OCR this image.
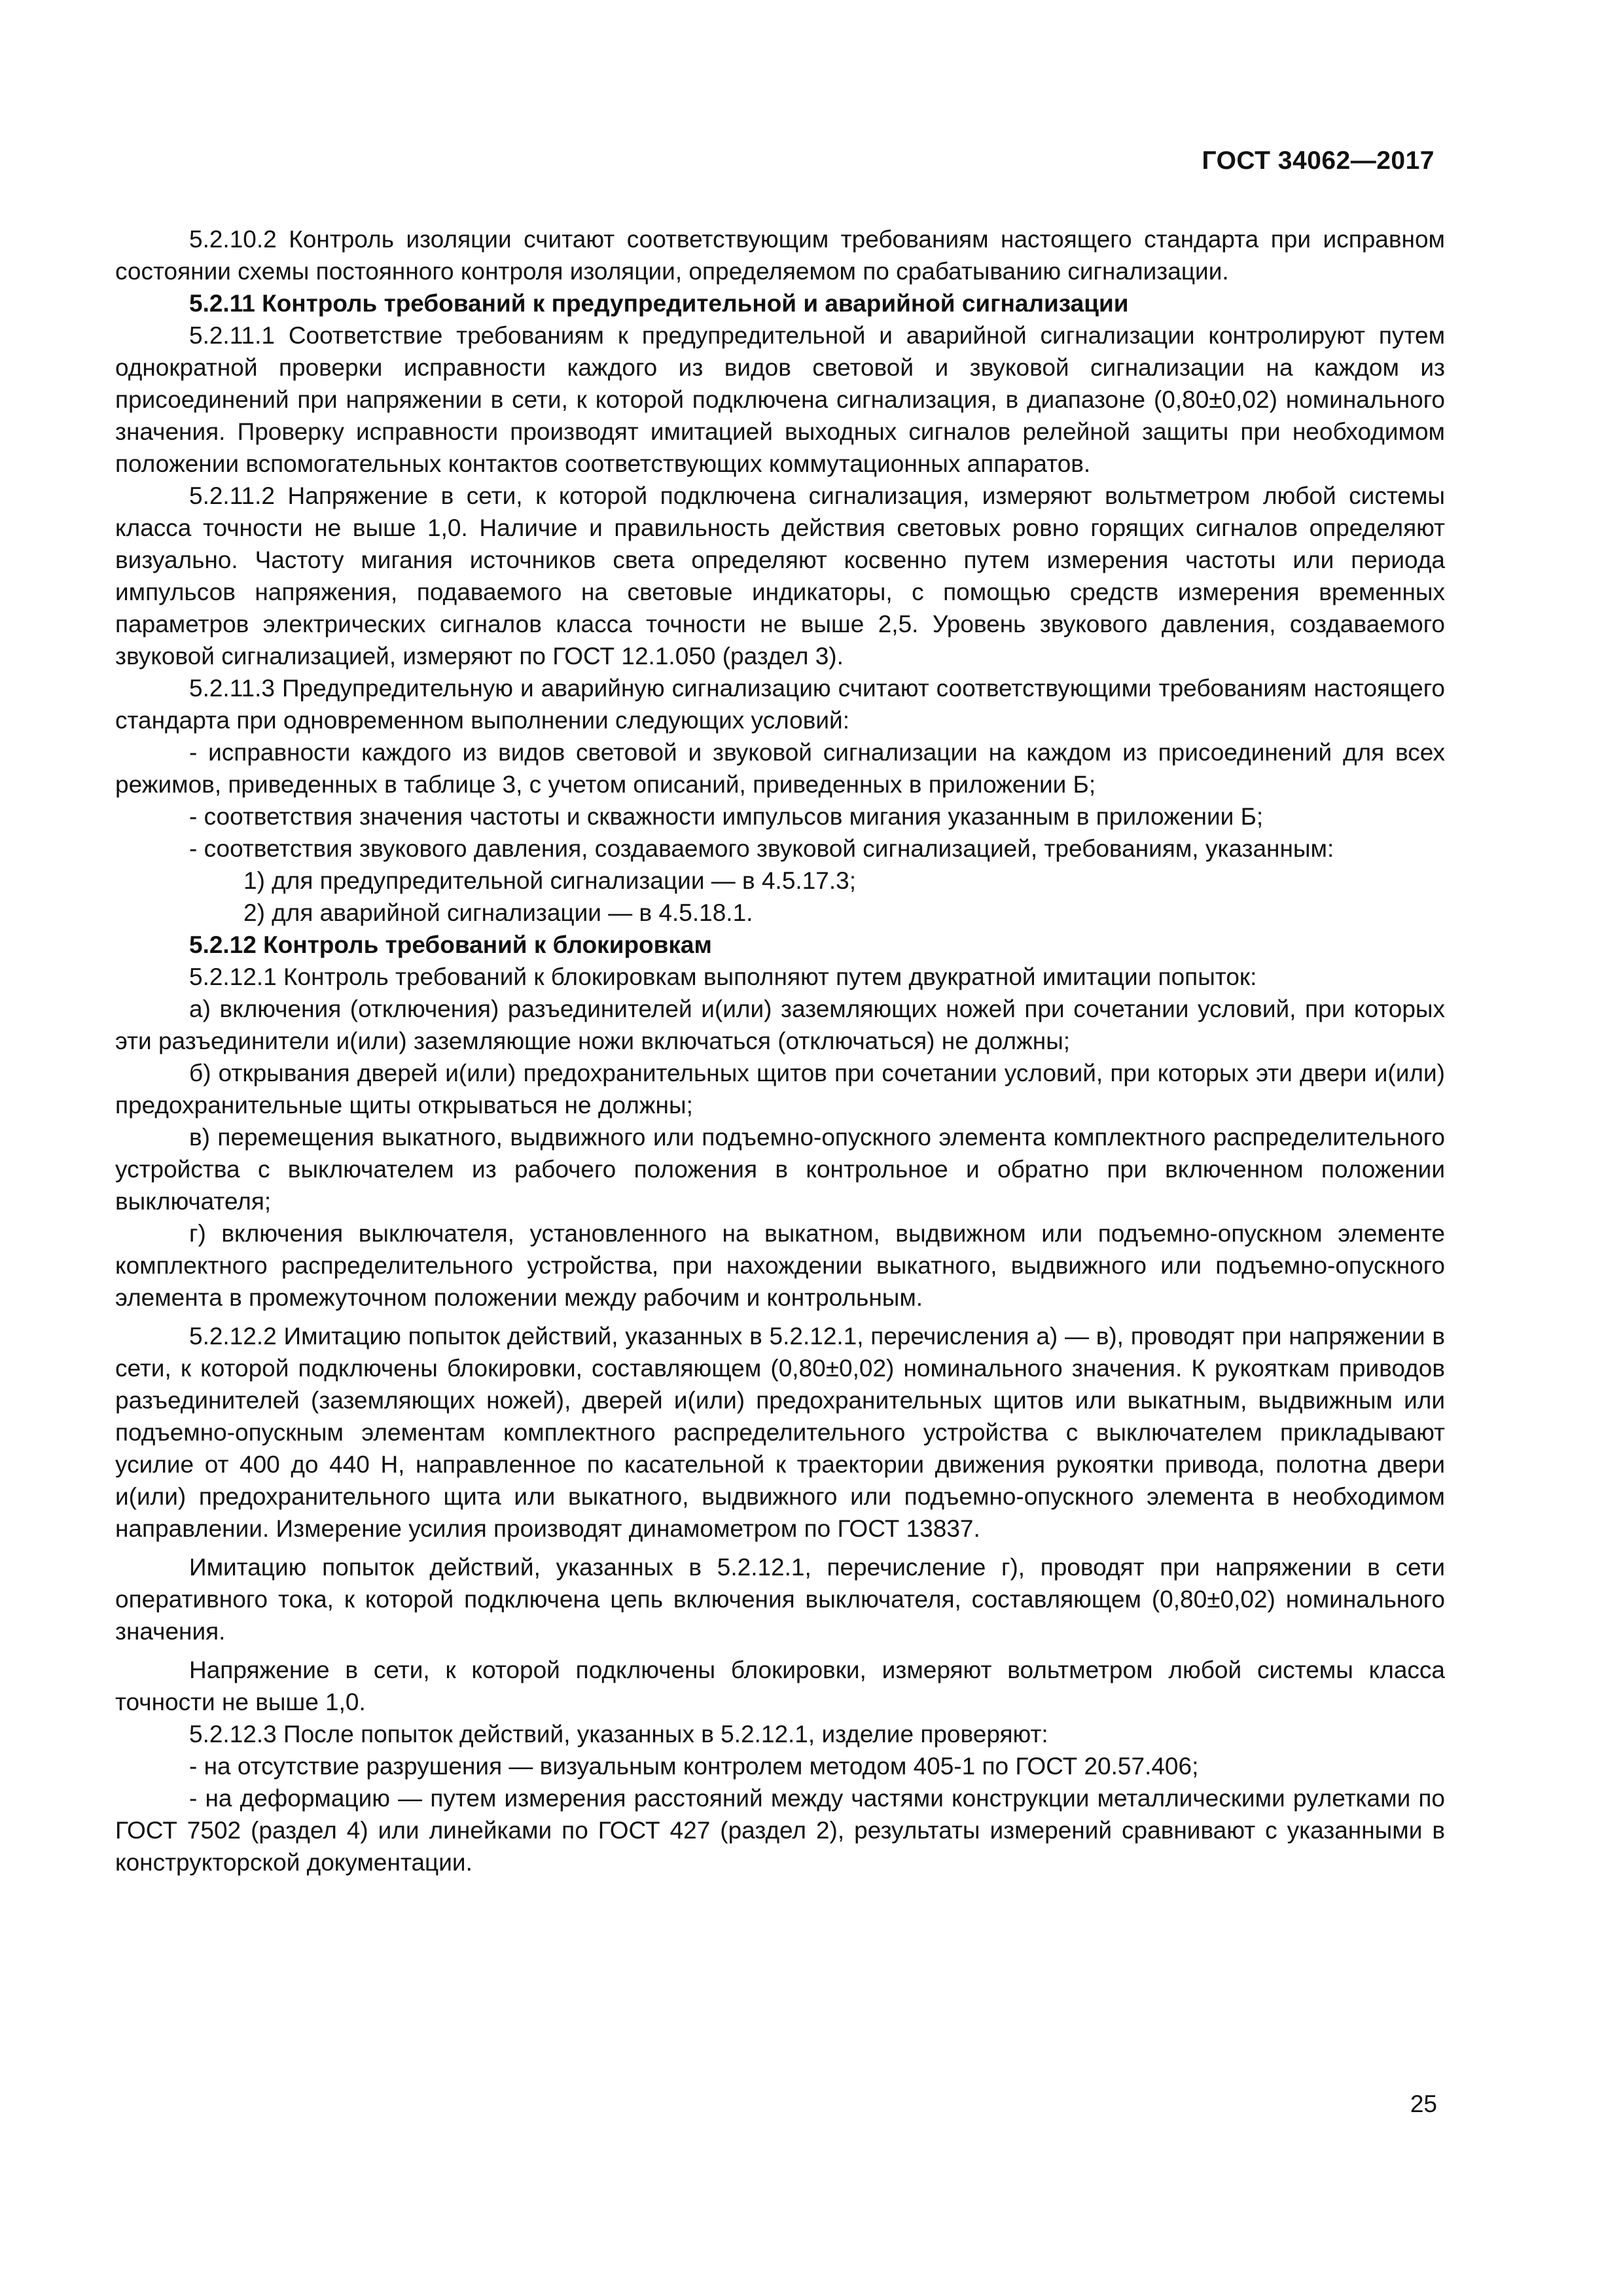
ГОСТ 34062—2017

5.2.10.2 Контроль изоляции считают соответствующим требованиям настоящего стандарта при исправном состоянии схемы постоянного контроля изоляции, определяемом по срабатыванию сигнализации.

5.2.11 Контроль требований к предупредительной и аварийной сигнализации

5.2.11.1 Соответствие требованиям к предупредительной и аварийной сигнализации контролируют путем однократной проверки исправности каждого из видов световой и звуковой сигнализации на каждом из присоединений при напряжении в сети, к которой подключена сигнализация, в диапазоне (0,80±0,02) номинального значения. Проверку исправности производят имитацией выходных сигналов релейной защиты при необходимом положении вспомогательных контактов соответствующих коммутационных аппаратов.

5.2.11.2 Напряжение в сети, к которой подключена сигнализация, измеряют вольтметром любой системы класса точности не выше 1,0. Наличие и правильность действия световых ровно горящих сигналов определяют визуально. Частоту мигания источников света определяют косвенно путем измерения частоты или периода импульсов напряжения, подаваемого на световые индикаторы, с помощью средств измерения временных параметров электрических сигналов класса точности не выше 2,5. Уровень звукового давления, создаваемого звуковой сигнализацией, измеряют по ГОСТ 12.1.050 (раздел 3).

5.2.11.3 Предупредительную и аварийную сигнализацию считают соответствующими требованиям настоящего стандарта при одновременном выполнении следующих условий:

- исправности каждого из видов световой и звуковой сигнализации на каждом из присоединений для всех режимов, приведенных в таблице 3, с учетом описаний, приведенных в приложении Б;

- соответствия значения частоты и скважности импульсов мигания указанным в приложении Б;

- соответствия звукового давления, создаваемого звуковой сигнализацией, требованиям, указанным:

1) для предупредительной сигнализации — в 4.5.17.3;

2) для аварийной сигнализации — в 4.5.18.1.

5.2.12 Контроль требований к блокировкам

5.2.12.1 Контроль требований к блокировкам выполняют путем двукратной имитации попыток:

а) включения (отключения) разъединителей и(или) заземляющих ножей при сочетании условий, при которых эти разъединители и(или) заземляющие ножи включаться (отключаться) не должны;

б) открывания дверей и(или) предохранительных щитов при сочетании условий, при которых эти двери и(или) предохранительные щиты открываться не должны;

в) перемещения выкатного, выдвижного или подъемно-опускного элемента комплектного распределительного устройства с выключателем из рабочего положения в контрольное и обратно при включенном положении выключателя;

г) включения выключателя, установленного на выкатном, выдвижном или подъемно-опускном элементе комплектного распределительного устройства, при нахождении выкатного, выдвижного или подъемно-опускного элемента в промежуточном положении между рабочим и контрольным.

5.2.12.2 Имитацию попыток действий, указанных в 5.2.12.1, перечисления а) — в), проводят при напряжении в сети, к которой подключены блокировки, составляющем (0,80±0,02) номинального значения. К рукояткам приводов разъединителей (заземляющих ножей), дверей и(или) предохранительных щитов или выкатным, выдвижным или подъемно-опускным элементам комплектного распределительного устройства с выключателем прикладывают усилие от 400 до 440 Н, направленное по касательной к траектории движения рукоятки привода, полотна двери и(или) предохранительного щита или выкатного, выдвижного или подъемно-опускного элемента в необходимом направлении. Измерение усилия производят динамометром по ГОСТ 13837.

Имитацию попыток действий, указанных в 5.2.12.1, перечисление г), проводят при напряжении в сети оперативного тока, к которой подключена цепь включения выключателя, составляющем (0,80±0,02) номинального значения.

Напряжение в сети, к которой подключены блокировки, измеряют вольтметром любой системы класса точности не выше 1,0.

5.2.12.3 После попыток действий, указанных в 5.2.12.1, изделие проверяют:

- на отсутствие разрушения — визуальным контролем методом 405-1 по ГОСТ 20.57.406;

- на деформацию — путем измерения расстояний между частями конструкции металлическими рулетками по ГОСТ 7502 (раздел 4) или линейками по ГОСТ 427 (раздел 2), результаты измерений сравнивают с указанными в конструкторской документации.

25
